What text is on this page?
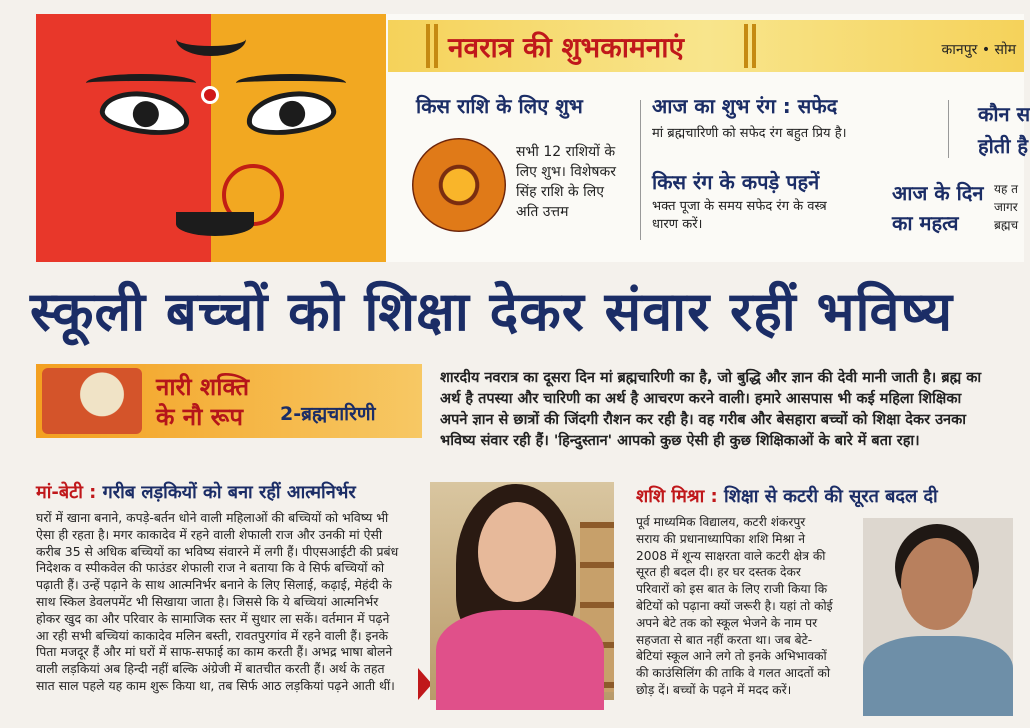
नवरात्र की शुभकामनाएं	कानपुर • सोम
किस राशि के लिए शुभ
सभी 12 राशियों के
लिए शुभ। विशेषकर
सिंह राशि के लिए
अति उत्तम
आज का शुभ रंग : सफेद
मां ब्रह्मचारिणी को सफेद रंग बहुत प्रिय है।
किस रंग के कपड़े पहनें
भक्त पूजा के समय सफेद रंग के वस्त्र
धारण करें।
कौन स
होती है
आज के दिन
का महत्व
यह त
जागर
ब्रह्मच
स्कूली बच्चों को शिक्षा देकर संवार रहीं भविष्य
नारी शक्ति
के नौ रूप 2-ब्रह्मचारिणी
शारदीय नवरात्र का दूसरा दिन मां ब्रह्मचारिणी का है, जो बुद्धि और ज्ञान की देवी मानी जाती है। ब्रह्म का
अर्थ है तपस्या और चारिणी का अर्थ है आचरण करने वाली। हमारे आसपास भी कई महिला शिक्षिका
अपने ज्ञान से छात्रों की जिंदगी रौशन कर रही है। वह गरीब और बेसहारा बच्चों को शिक्षा देकर उनका
भविष्य संवार रही हैं। 'हिन्दुस्तान' आपको कुछ ऐसी ही कुछ शिक्षिकाओं के बारे में बता रहा।
मां-बेटी : गरीब लड़कियों को बना रहीं आत्मनिर्भर
घरों में खाना बनाने, कपड़े-बर्तन धोने वाली महिलाओं की बच्चियों को भविष्य भी
ऐसा ही रहता है। मगर काकादेव में रहने वाली शेफाली राज और उनकी मां ऐसी
करीब 35 से अधिक बच्चियों का भविष्य संवारने में लगी हैं। पीएसआईटी की प्रबंध
निदेशक व स्पीकवेल की फाउंडर शेफाली राज ने बताया कि वे सिर्फ बच्चियों को
पढ़ाती हैं। उन्हें पढ़ाने के साथ आत्मनिर्भर बनाने के लिए सिलाई, कढ़ाई, मेहंदी के
साथ स्किल डेवलपमेंट भी सिखाया जाता है। जिससे कि ये बच्चियां आत्मनिर्भर
होकर खुद का और परिवार के सामाजिक स्तर में सुधार ला सकें। वर्तमान में पढ़ने
आ रही सभी बच्चियां काकादेव मलिन बस्ती, रावतपुरगांव में रहने वाली हैं। इनके
पिता मजदूर हैं और मां घरों में साफ-सफाई का काम करती हैं। अभद्र भाषा बोलने
वाली लड़कियां अब हिन्दी नहीं बल्कि अंग्रेजी में बातचीत करती हैं। अर्थ के तहत
सात साल पहले यह काम शुरू किया था, तब सिर्फ आठ लड़कियां पढ़ने आती थीं।
शशि मिश्रा : शिक्षा से कटरी की सूरत बदल दी
पूर्व माध्यमिक विद्यालय, कटरी शंकरपुर
सराय की प्रधानाध्यापिका शशि मिश्रा ने
2008 में शून्य साक्षरता वाले कटरी क्षेत्र की
सूरत ही बदल दी। हर घर दस्तक देकर
परिवारों को इस बात के लिए राजी किया कि
बेटियों को पढ़ाना क्यों जरूरी है। यहां तो कोई
अपने बेटे तक को स्कूल भेजने के नाम पर
सहजता से बात नहीं करता था। जब बेटे-
बेटियां स्कूल आने लगे तो इनके अभिभावकों
की काउंसिलिंग की ताकि वे गलत आदतों को
छोड़ दें। बच्चों के पढ़ने में मदद करें।
